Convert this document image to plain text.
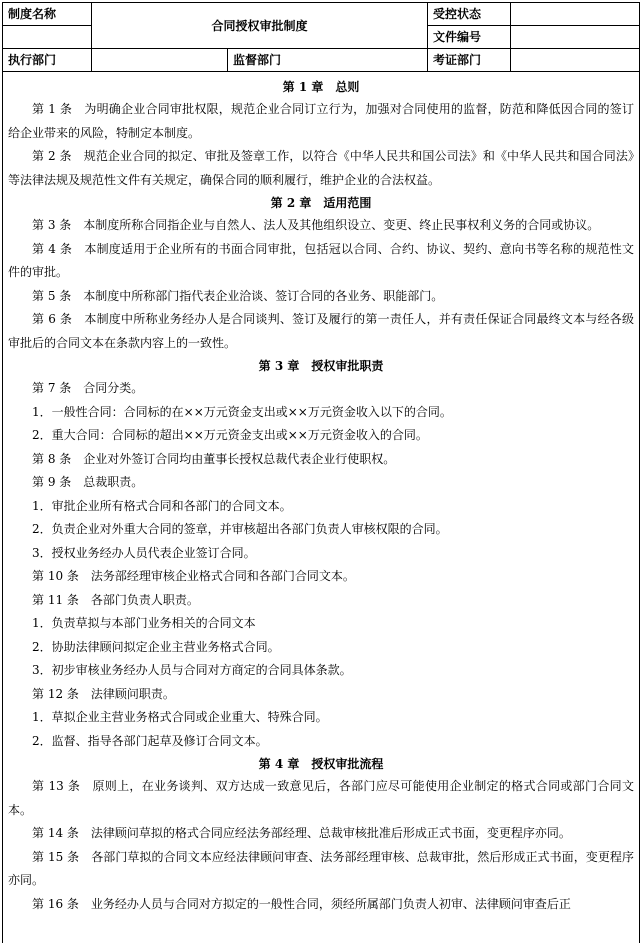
制度名称	合同授权审批制度		受控状态	
			文件编号	
执行部门		监督部门	考证部门	
第 1 章　总则
第 1 条　为明确企业合同审批权限，规范企业合同订立行为，加强对合同使用的监督，防范和降低因合同的签订给企业带来的风险，特制定本制度。
第 2 条　规范企业合同的拟定、审批及签章工作，以符合《中华人民共和国公司法》和《中华人民共和国合同法》等法律法规及规范性文件有关规定，确保合同的顺利履行，维护企业的合法权益。
第 2 章　适用范围
第 3 条　本制度所称合同指企业与自然人、法人及其他组织设立、变更、终止民事权利义务的合同或协议。
第 4 条　本制度适用于企业所有的书面合同审批，包括冠以合同、合约、协议、契约、意向书等名称的规范性文件的审批。
第 5 条　本制度中所称部门指代表企业洽谈、签订合同的各业务、职能部门。
第 6 条　本制度中所称业务经办人是合同谈判、签订及履行的第一责任人，并有责任保证合同最终文本与经各级审批后的合同文本在条款内容上的一致性。
第 3 章　授权审批职责
第 7 条　合同分类。
1．一般性合同：合同标的在××万元资金支出或××万元资金收入以下的合同。
2．重大合同：合同标的超出××万元资金支出或××万元资金收入的合同。
第 8 条　企业对外签订合同均由董事长授权总裁代表企业行使职权。
第 9 条　总裁职责。
1．审批企业所有格式合同和各部门的合同文本。
2．负责企业对外重大合同的签章，并审核超出各部门负责人审核权限的合同。
3．授权业务经办人员代表企业签订合同。
第 10 条　法务部经理审核企业格式合同和各部门合同文本。
第 11 条　各部门负责人职责。
1．负责草拟与本部门业务相关的合同文本
2．协助法律顾问拟定企业主营业务格式合同。
3．初步审核业务经办人员与合同对方商定的合同具体条款。
第 12 条　法律顾问职责。
1．草拟企业主营业务格式合同或企业重大、特殊合同。
2．监督、指导各部门起草及修订合同文本。
第 4 章　授权审批流程
第 13 条　原则上，在业务谈判、双方达成一致意见后，各部门应尽可能使用企业制定的格式合同或部门合同文本。
第 14 条　法律顾问草拟的格式合同应经法务部经理、总裁审核批准后形成正式书面，变更程序亦同。
第 15 条　各部门草拟的合同文本应经法律顾问审查、法务部经理审核、总裁审批，然后形成正式书面，变更程序亦同。
第 16 条　业务经办人员与合同对方拟定的一般性合同，须经所属部门负责人初审、法律顾问审查后正
